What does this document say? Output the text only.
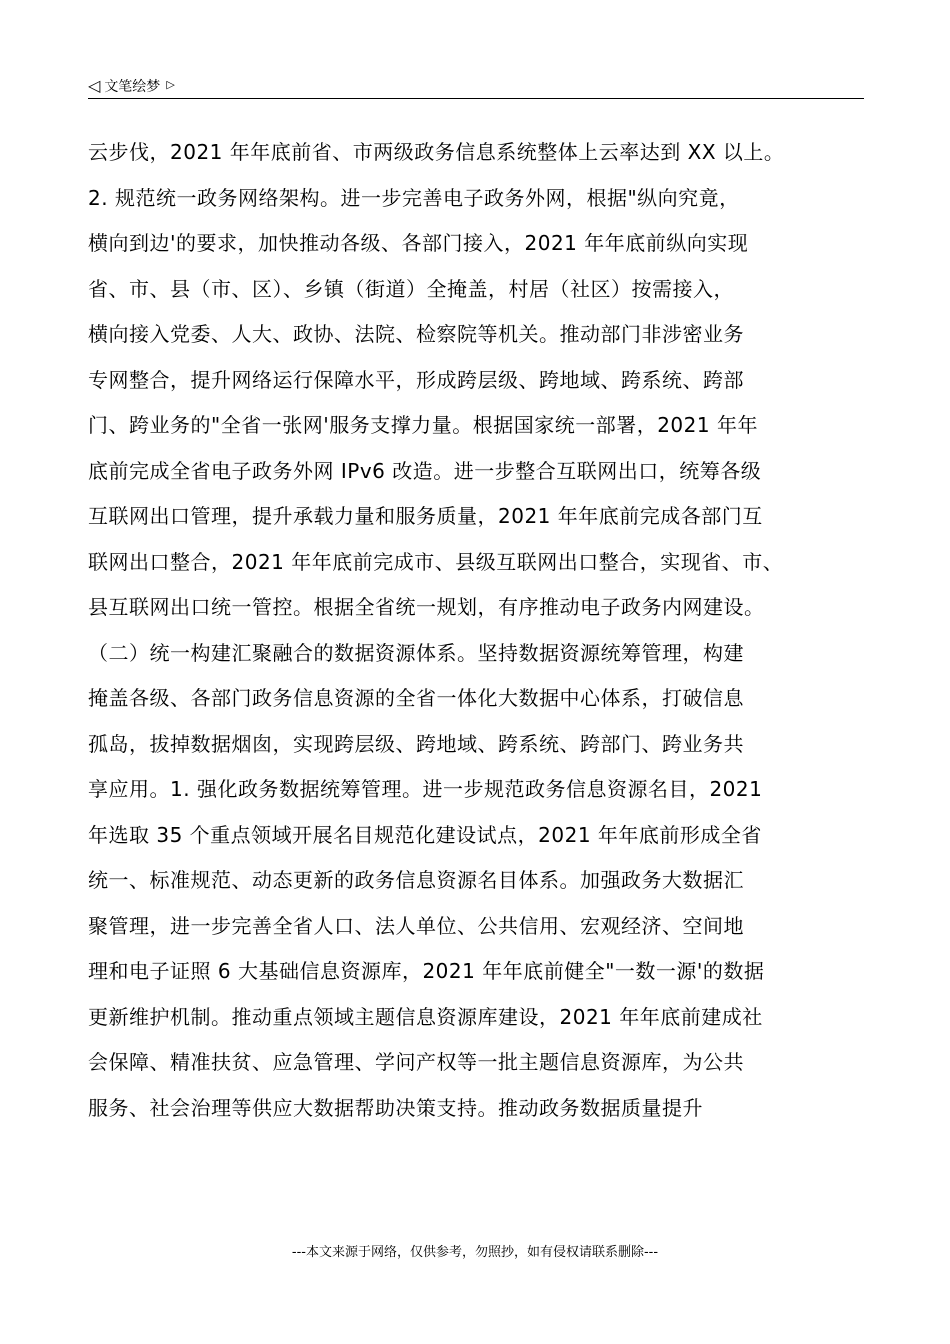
◁ 文笔绘梦 ▷
云步伐，2021 年年底前省、市两级政务信息系统整体上云率达到 XX 以上。
2. 规范统一政务网络架构。进一步完善电子政务外网，根据"纵向究竟，
横向到边'的要求，加快推动各级、各部门接入，2021 年年底前纵向实现
省、市、县（市、区）、乡镇（街道）全掩盖，村居（社区）按需接入，
横向接入党委、人大、政协、法院、检察院等机关。推动部门非涉密业务
专网整合，提升网络运行保障水平，形成跨层级、跨地域、跨系统、跨部
门、跨业务的"全省一张网'服务支撑力量。根据国家统一部署，2021 年年
底前完成全省电子政务外网 IPv6 改造。进一步整合互联网出口，统筹各级
互联网出口管理，提升承载力量和服务质量，2021 年年底前完成各部门互
联网出口整合，2021 年年底前完成市、县级互联网出口整合，实现省、市、
县互联网出口统一管控。根据全省统一规划，有序推动电子政务内网建设。
（二）统一构建汇聚融合的数据资源体系。坚持数据资源统筹管理，构建
掩盖各级、各部门政务信息资源的全省一体化大数据中心体系，打破信息
孤岛，拔掉数据烟囱，实现跨层级、跨地域、跨系统、跨部门、跨业务共
享应用。1. 强化政务数据统筹管理。进一步规范政务信息资源名目，2021
年选取 35 个重点领域开展名目规范化建设试点，2021 年年底前形成全省
统一、标准规范、动态更新的政务信息资源名目体系。加强政务大数据汇
聚管理，进一步完善全省人口、法人单位、公共信用、宏观经济、空间地
理和电子证照 6 大基础信息资源库，2021 年年底前健全"一数一源'的数据
更新维护机制。推动重点领域主题信息资源库建设，2021 年年底前建成社
会保障、精准扶贫、应急管理、学问产权等一批主题信息资源库，为公共
服务、社会治理等供应大数据帮助决策支持。推动政务数据质量提升
---本文来源于网络，仅供参考，勿照抄，如有侵权请联系删除---
